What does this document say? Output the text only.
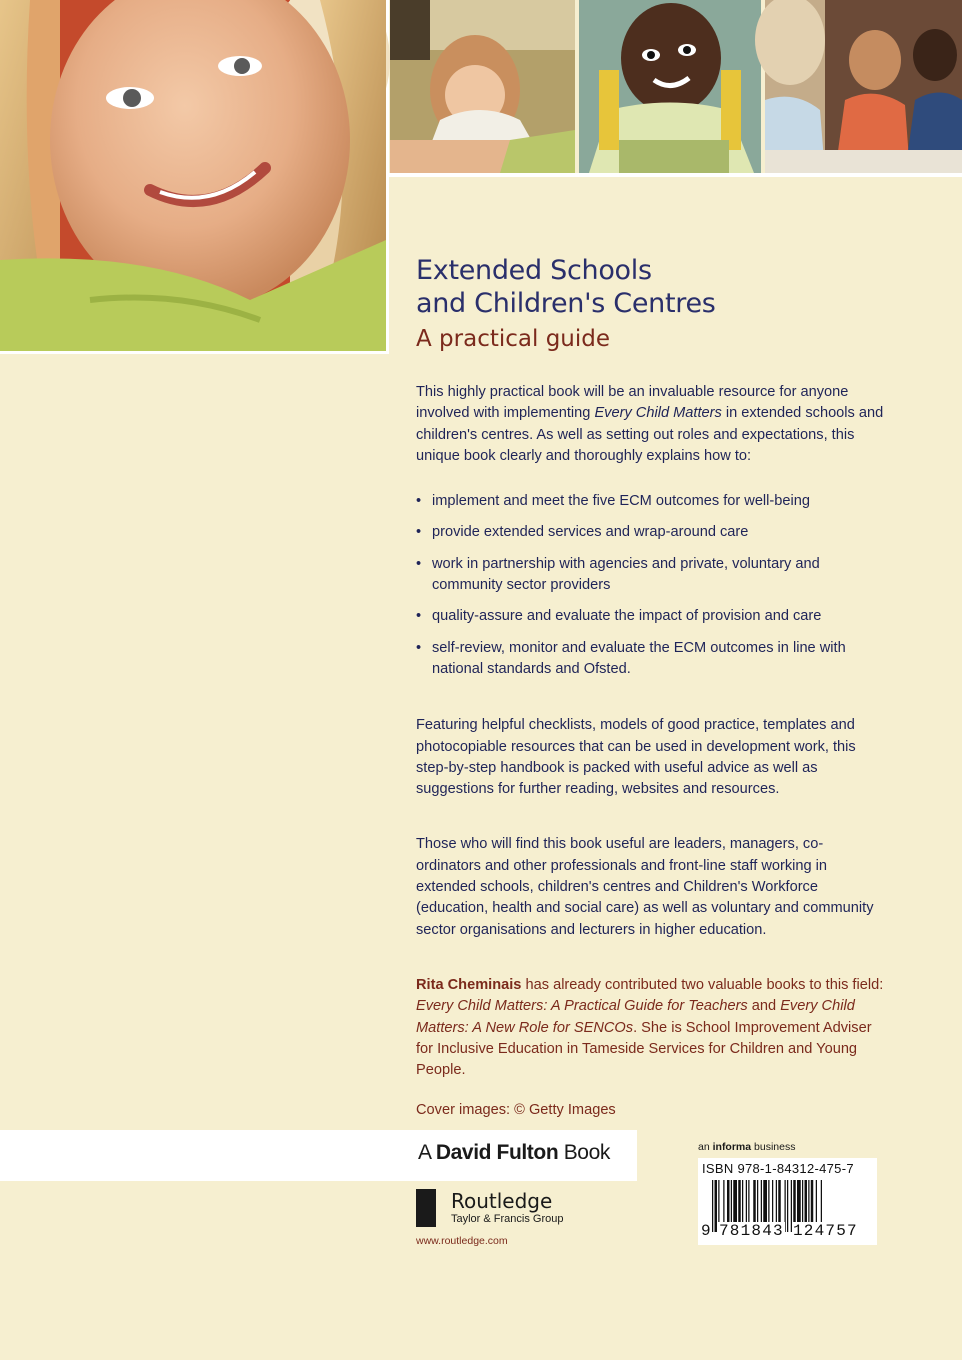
Extended Schools
and Children's Centres
A practical guide

This highly practical book will be an invaluable resource for anyone involved with implementing Every Child Matters in extended schools and children's centres. As well as setting out roles and expectations, this unique book clearly and thoroughly explains how to:

• implement and meet the five ECM outcomes for well-being
• provide extended services and wrap-around care
• work in partnership with agencies and private, voluntary and community sector providers
• quality-assure and evaluate the impact of provision and care
• self-review, monitor and evaluate the ECM outcomes in line with national standards and Ofsted.

Featuring helpful checklists, models of good practice, templates and photocopiable resources that can be used in development work, this step-by-step handbook is packed with useful advice as well as suggestions for further reading, websites and resources.

Those who will find this book useful are leaders, managers, co-ordinators and other professionals and front-line staff working in extended schools, children's centres and Children's Workforce (education, health and social care) as well as voluntary and community sector organisations and lecturers in higher education.

Rita Cheminais has already contributed two valuable books to this field: Every Child Matters: A Practical Guide for Teachers and Every Child Matters: A New Role for SENCOs. She is School Improvement Adviser for Inclusive Education in Tameside Services for Children and Young People.

Cover images: © Getty Images

A David Fulton Book
ROUTLEDGE Routledge
Taylor & Francis Group
www.routledge.com
an informa business
ISBN 978-1-84312-475-7
9 781843 124757
